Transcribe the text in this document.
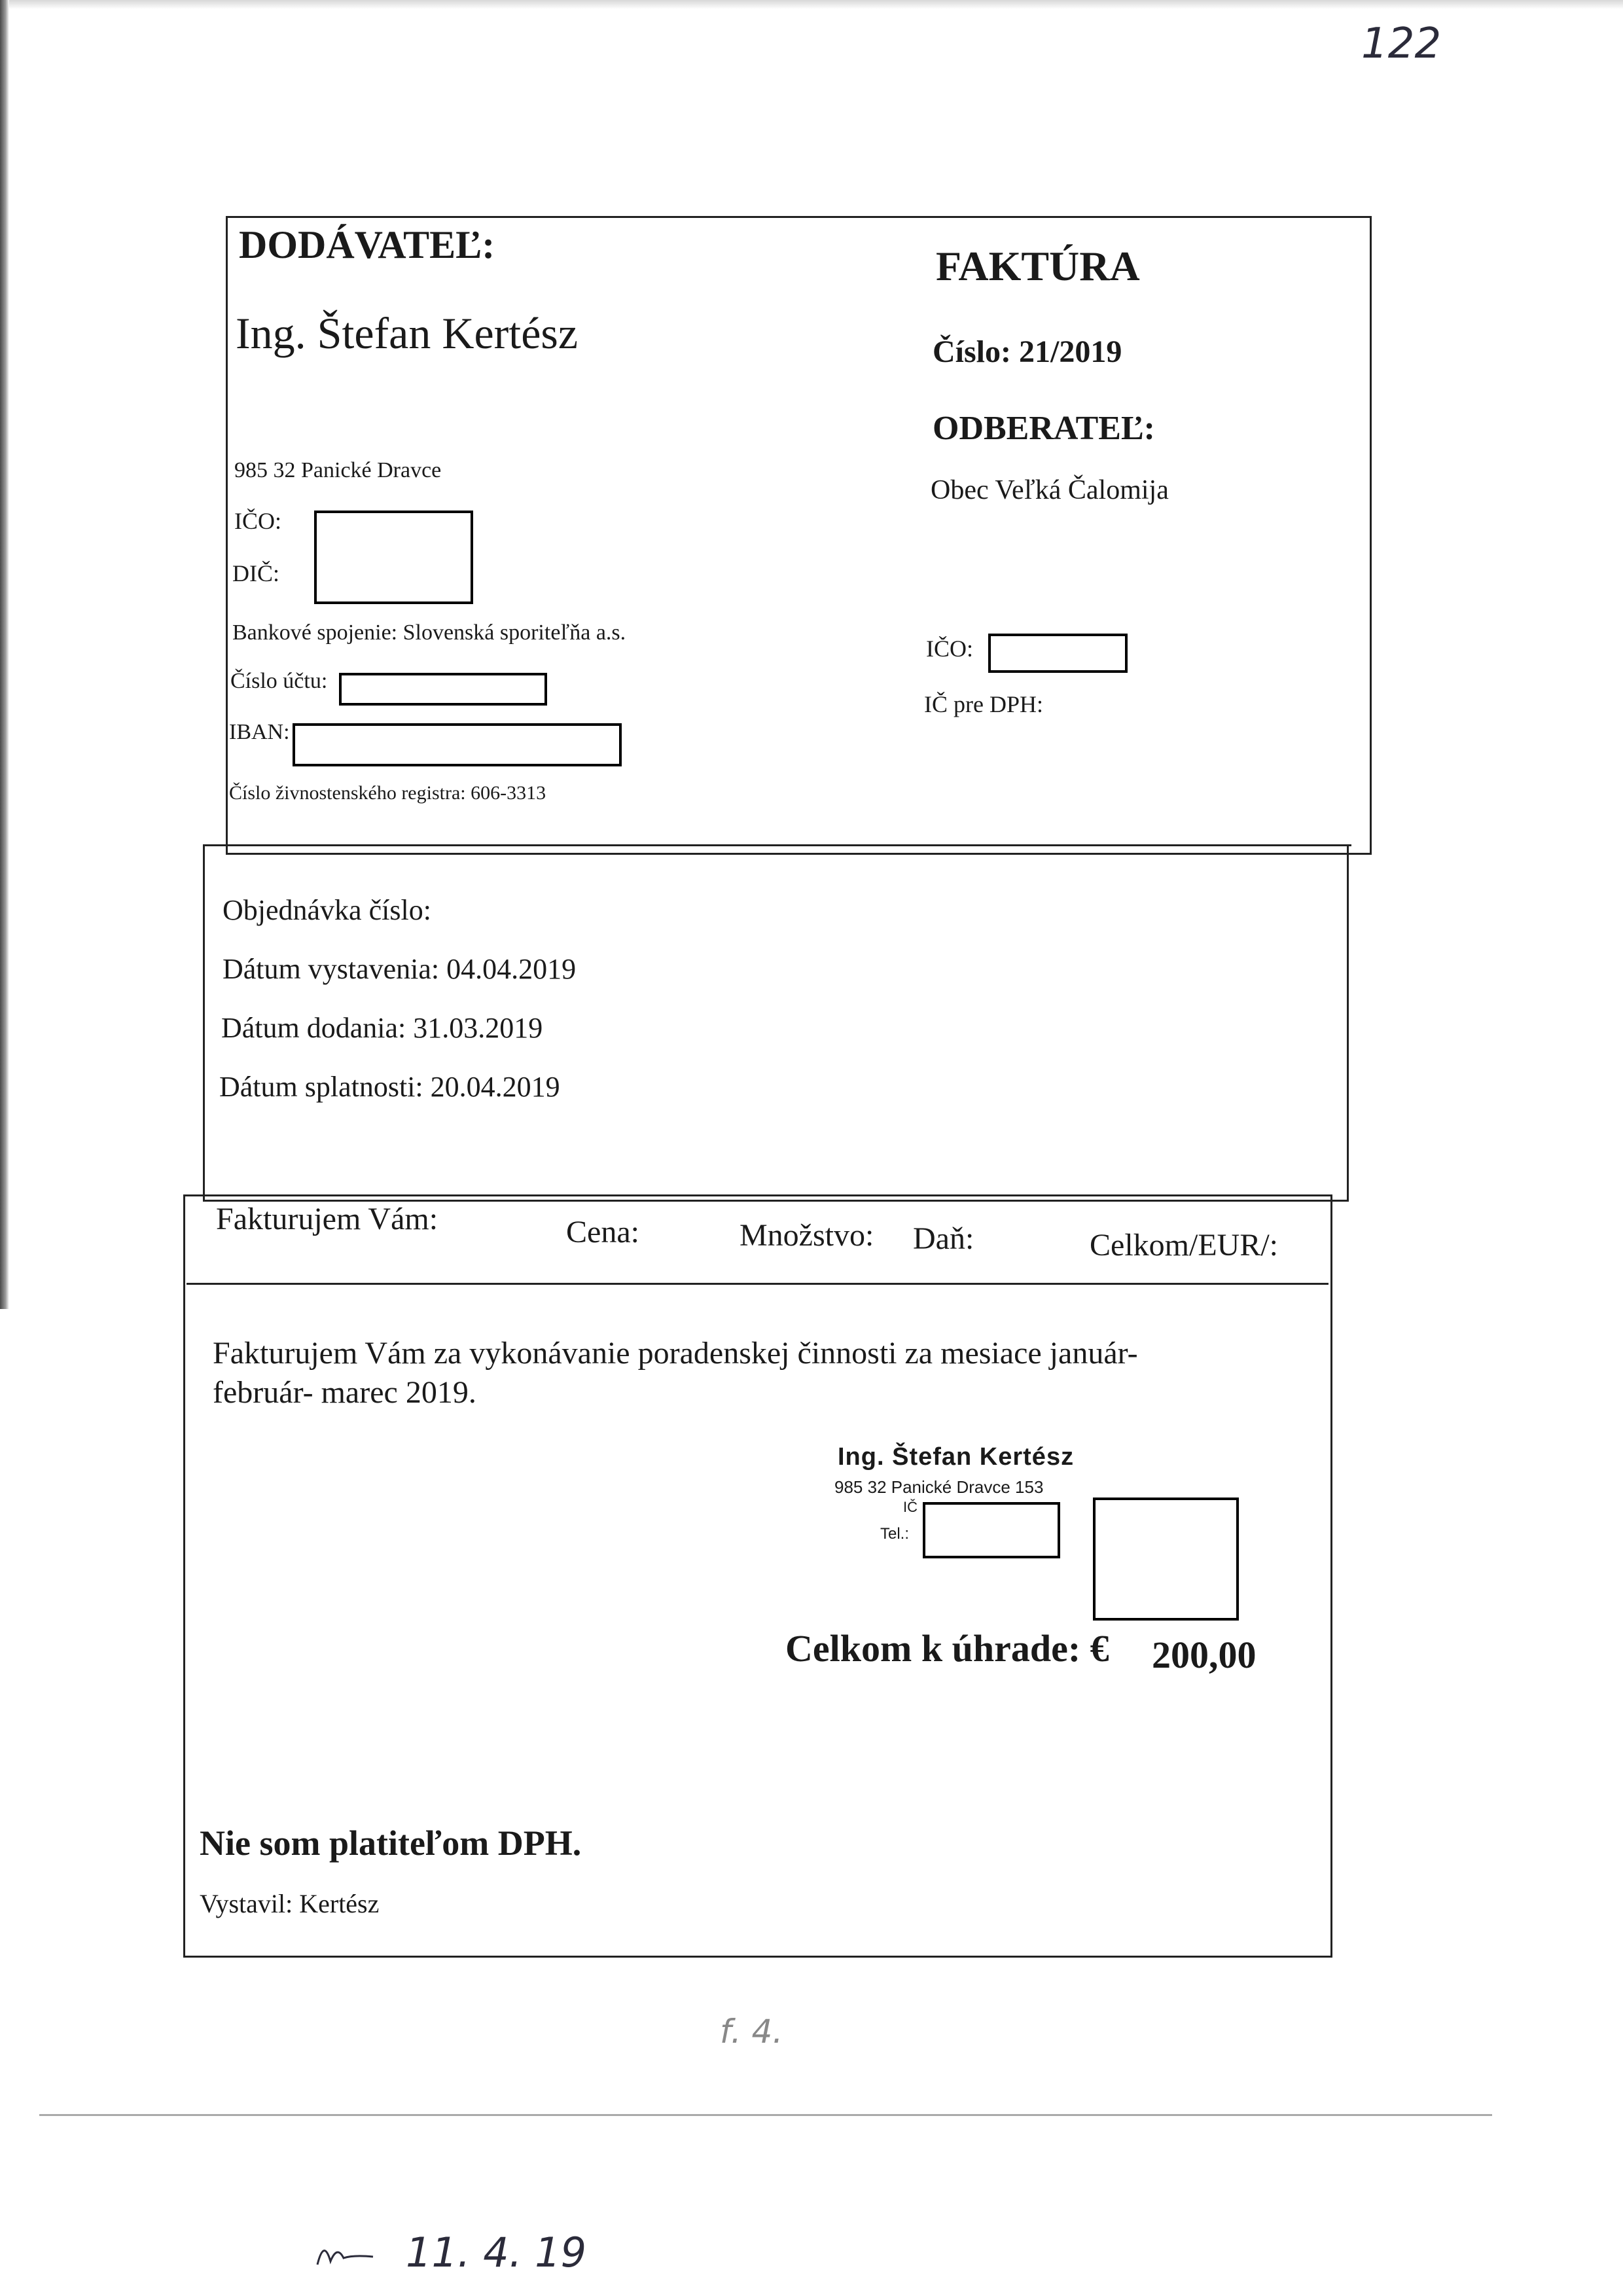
122
DODÁVATEĽ:
Ing. Štefan Kertész
985 32 Panické Dravce
IČO:
DIČ:
Bankové spojenie: Slovenská sporiteľňa a.s.
Číslo účtu:
IBAN:
Číslo živnostenského registra: 606-3313
FAKTÚRA
Číslo: 21/2019
ODBERATEĽ:
Obec Veľká Čalomija
IČO:
IČ pre DPH:
Objednávka číslo:
Dátum vystavenia: 04.04.2019
Dátum dodania: 31.03.2019
Dátum splatnosti: 20.04.2019
Fakturujem Vám:	Cena:	Množstvo: Daň:	Celkom/EUR/:
Fakturujem Vám za vykonávanie poradenskej činnosti za mesiace január-
február- marec 2019.
Ing. Štefan Kertész
985 32 Panické Dravce 153
IČ
Tel.:
Celkom k úhrade: € 200,00
Nie som platiteľom DPH.
Vystavil: Kertész
f. 4.
11. 4. 19
